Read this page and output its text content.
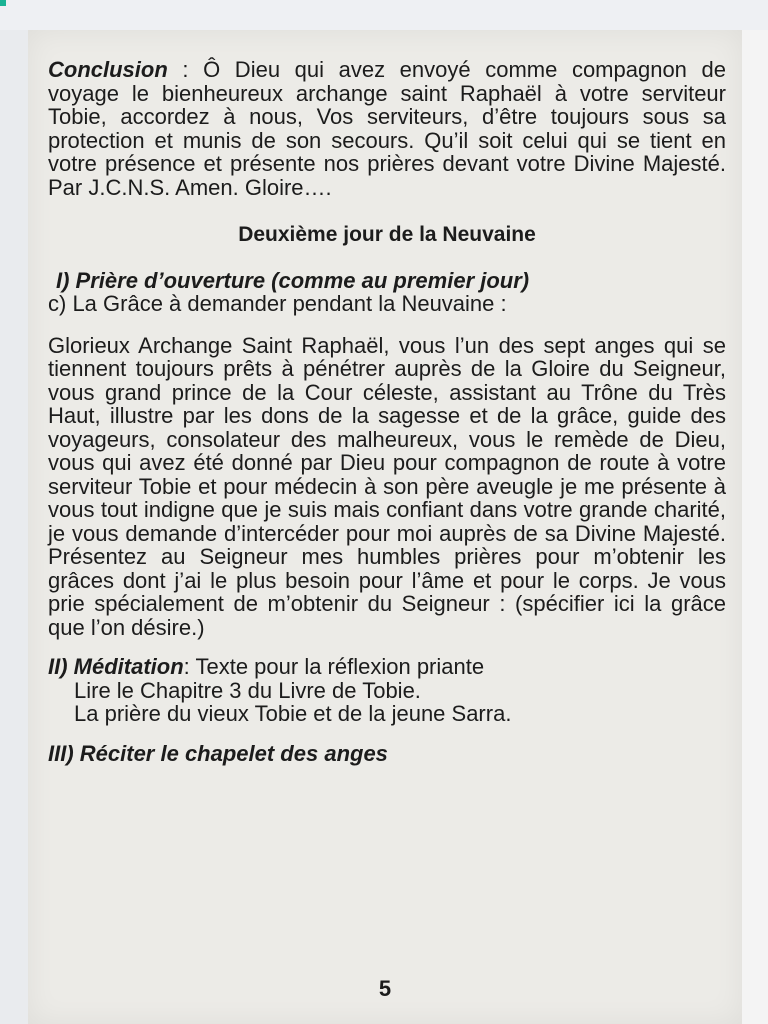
Conclusion : Ô Dieu qui avez envoyé comme compagnon de voyage le bienheureux archange saint Raphaël à votre serviteur Tobie, accordez à nous, Vos serviteurs, d’être toujours sous sa protection et munis de son secours. Qu’il soit celui qui se tient en votre présence et présente nos prières devant votre Divine Majesté. Par J.C.N.S. Amen. Gloire….

Deuxième jour de la Neuvaine
I) Prière d’ouverture (comme au premier jour)

c) La Grâce à demander pendant la Neuvaine :

Glorieux Archange Saint Raphaël, vous l’un des sept anges qui se tiennent toujours prêts à pénétrer auprès de la Gloire du Seigneur, vous grand prince de la Cour céleste, assistant au Trône du Très Haut, illustre par les dons de la sagesse et de la grâce, guide des voyageurs, consolateur des malheureux, vous le remède de Dieu, vous qui avez été donné par Dieu pour compagnon de route à votre serviteur Tobie et pour médecin à son père aveugle je me présente à vous tout indigne que je suis mais confiant dans votre grande charité, je vous demande d’intercéder pour moi auprès de sa Divine Majesté. Présentez au Seigneur mes humbles prières pour m’obtenir les grâces dont j’ai le plus besoin pour l’âme et pour le corps. Je vous prie spécialement de m’obtenir du Seigneur : (spécifier ici la grâce que l’on désire.)

II) Méditation: Texte pour la réflexion priante
Lire le Chapitre 3 du Livre de Tobie.
La prière du vieux Tobie et de la jeune Sarra.
III) Réciter le chapelet des anges
5
